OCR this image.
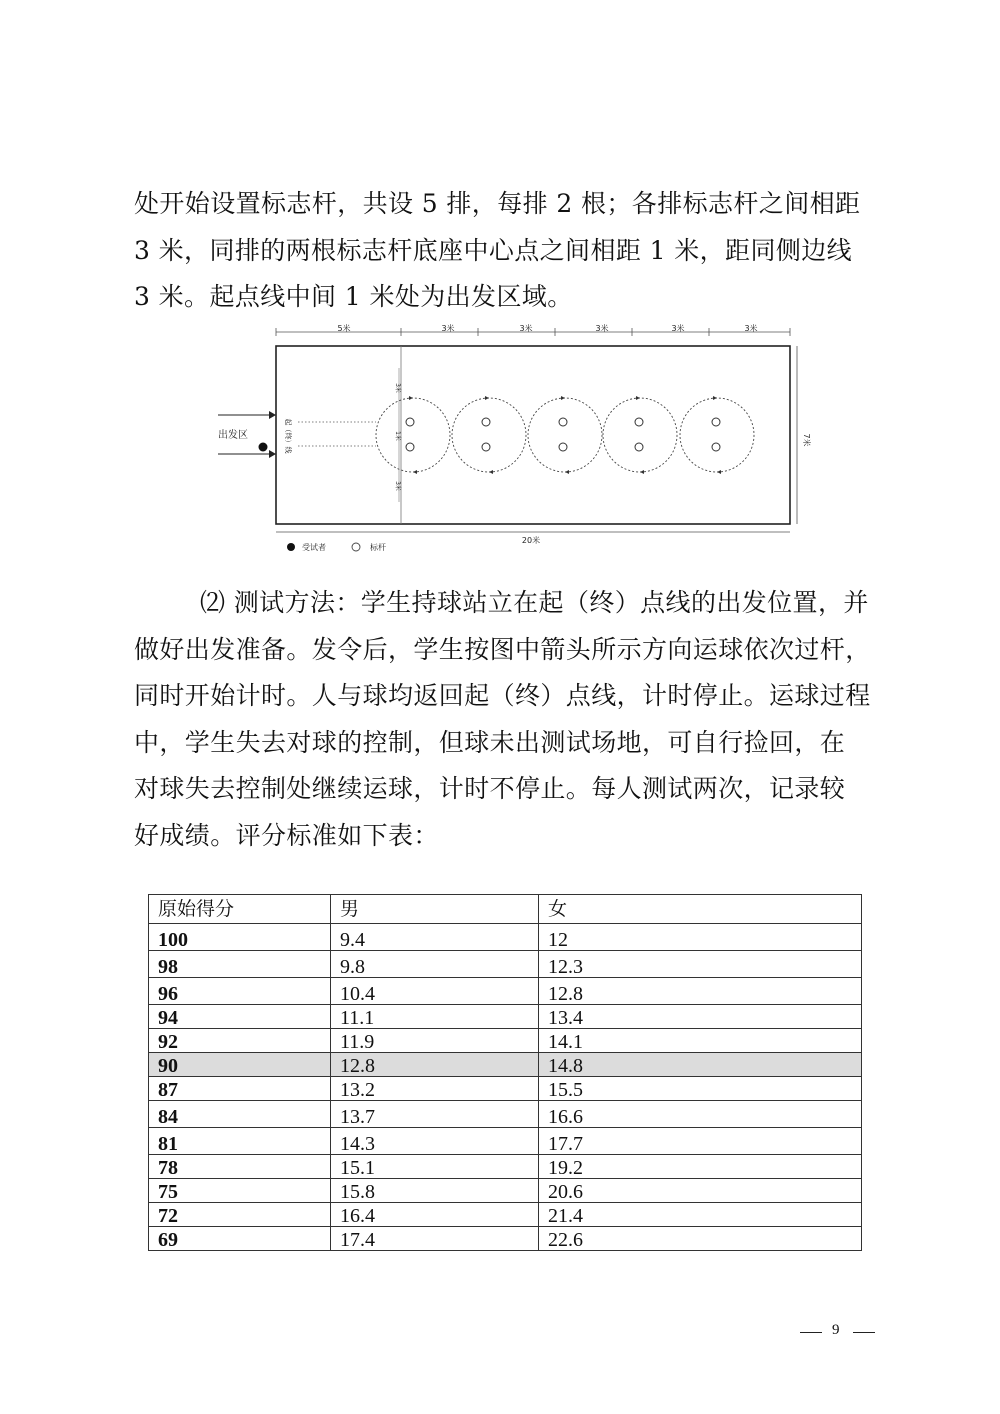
处开始设置标志杆，共设 5 排，每排 2 根；各排标志杆之间相距
3 米，同排的两根标志杆底座中心点之间相距 1 米，距同侧边线
3 米。起点线中间 1 米处为出发区域。

5米	3米	3米	3米	3米	3米
7米
20米
3米
1米
3米
出发区	起（终）线
受试者	标杆

⑵ 测试方法：学生持球站立在起（终）点线的出发位置，并
做好出发准备。发令后，学生按图中箭头所示方向运球依次过杆，
同时开始计时。人与球均返回起（终）点线，计时停止。运球过程
中，学生失去对球的控制，但球未出测试场地，可自行捡回，在
对球失去控制处继续运球，计时不停止。每人测试两次，记录较
好成绩。评分标准如下表：

原始得分	男	女
100	9.4	12
98	9.8	12.3
96	10.4	12.8
94	11.1	13.4
92	11.9	14.1
90	12.8	14.8
87	13.2	15.5
84	13.7	16.6
81	14.3	17.7
78	15.1	19.2
75	15.8	20.6
72	16.4	21.4
69	17.4	22.6
9
